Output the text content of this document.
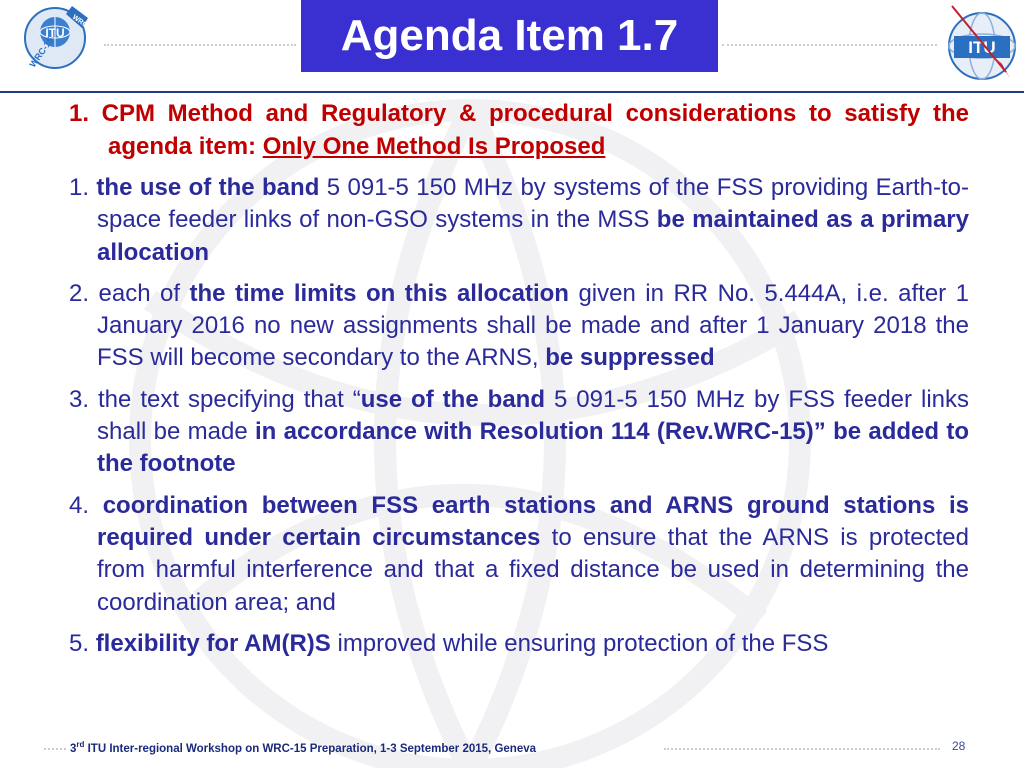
ITU
WRC-15
WRC-15	Agenda Item 1.7	ITU
1. CPM Method and Regulatory & procedural considerations to satisfy the agenda item: Only One Method Is Proposed
1. the use of the band 5 091-5 150 MHz by systems of the FSS providing Earth-to-space feeder links of non-GSO systems in the MSS be maintained as a primary allocation
2. each of the time limits on this allocation given in RR No. 5.444A, i.e. after 1 January 2016 no new assignments shall be made and after 1 January 2018 the FSS will become secondary to the ARNS, be suppressed
3. the text specifying that “use of the band 5 091-5 150 MHz by FSS feeder links shall be made in accordance with Resolution 114 (Rev.WRC-15)” be added to the footnote
4. coordination between FSS earth stations and ARNS ground stations is required under certain circumstances to ensure that the ARNS is protected from harmful interference and that a fixed distance be used in determining the coordination area; and
5. flexibility for AM(R)S improved while ensuring protection of the FSS
3rd ITU Inter-regional Workshop on WRC-15 Preparation, 1-3 September 2015, Geneva	28
